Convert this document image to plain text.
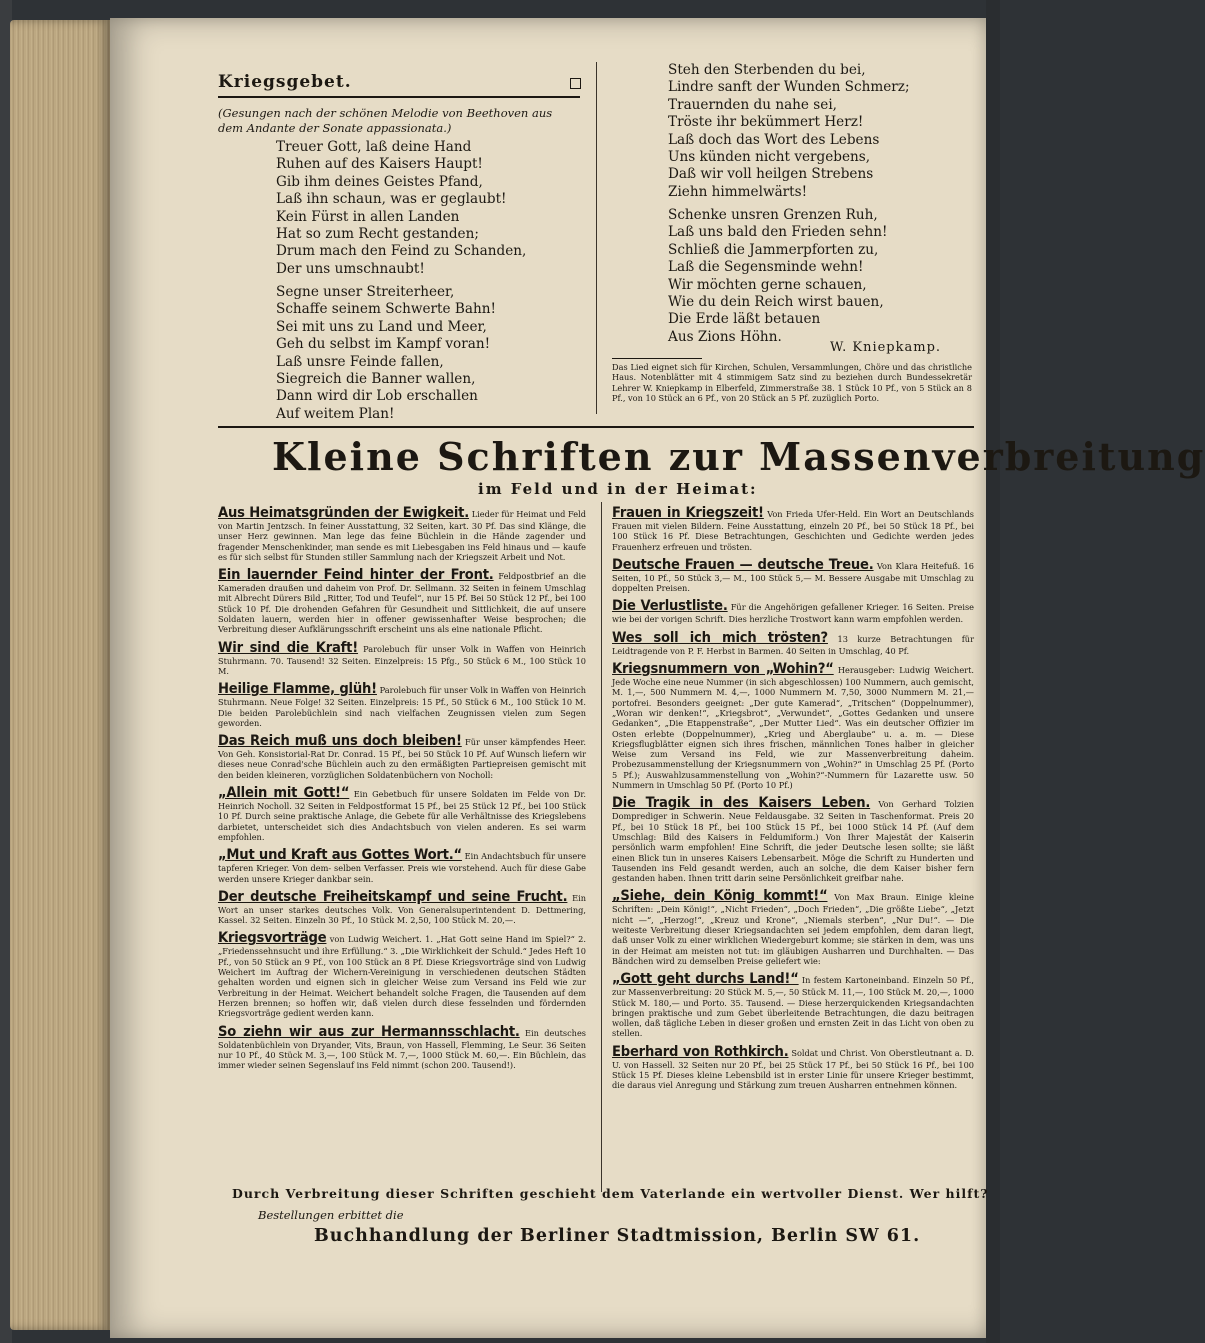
Kriegsgebet.
(Gesungen nach der schönen Melodie von Beethoven aus dem Andante der Sonate appassionata.)
Treuer Gott, laß deine Hand
Ruhen auf des Kaisers Haupt!
Gib ihm deines Geistes Pfand,
Laß ihn schaun, was er geglaubt!
Kein Fürst in allen Landen
Hat so zum Recht gestanden;
Drum mach den Feind zu Schanden,
Der uns umschnaubt!
Segne unser Streiterheer,
Schaffe seinem Schwerte Bahn!
Sei mit uns zu Land und Meer,
Geh du selbst im Kampf voran!
Laß unsre Feinde fallen,
Siegreich die Banner wallen,
Dann wird dir Lob erschallen
Auf weitem Plan!
Steh den Sterbenden du bei,
Lindre sanft der Wunden Schmerz;
Trauernden du nahe sei,
Tröste ihr bekümmert Herz!
Laß doch das Wort des Lebens
Uns künden nicht vergebens,
Daß wir voll heilgen Strebens
Ziehn himmelwärts!
Schenke unsren Grenzen Ruh,
Laß uns bald den Frieden sehn!
Schließ die Jammerpforten zu,
Laß die Segensminde wehn!
Wir möchten gerne schauen,
Wie du dein Reich wirst bauen,
Die Erde läßt betauen
Aus Zions Höhn.
W. Kniepkamp.
Das Lied eignet sich für Kirchen, Schulen, Versammlungen, Chöre und das christliche Haus. Notenblätter mit 4 stimmigem Satz sind zu beziehen durch Bundessekretär Lehrer W. Kniepkamp in Elberfeld, Zimmerstraße 38. 1 Stück 10 Pf., von 5 Stück an 8 Pf., von 10 Stück an 6 Pf., von 20 Stück an 5 Pf. zuzüglich Porto.
Kleine Schriften zur Massenverbreitung
im Feld und in der Heimat:
Aus Heimatsgründen der Ewigkeit. Lieder für Heimat und Feld von Martin Jentzsch. In feiner Ausstattung, 32 Seiten, kart. 30 Pf. Das sind Klänge, die unser Herz gewinnen. Man lege das feine Büchlein in die Hände zagender und fragender Menschenkinder, man sende es mit Liebesgaben ins Feld hinaus und — kaufe es für sich selbst für Stunden stiller Sammlung nach der Kriegszeit Arbeit und Not.
Ein lauernder Feind hinter der Front. Feldpostbrief an die Kameraden draußen und daheim von Prof. Dr. Sellmann. 32 Seiten in feinem Umschlag mit Albrecht Dürers Bild „Ritter, Tod und Teufel“, nur 15 Pf. Bei 50 Stück 12 Pf., bei 100 Stück 10 Pf. Die drohenden Gefahren für Gesundheit und Sittlichkeit, die auf unsere Soldaten lauern, werden hier in offener gewissenhafter Weise besprochen; die Verbreitung dieser Aufklärungsschrift erscheint uns als eine nationale Pflicht.
Wir sind die Kraft! Parolebuch für unser Volk in Waffen von Heinrich Stuhrmann. 70. Tausend! 32 Seiten. Einzelpreis: 15 Pfg., 50 Stück 6 M., 100 Stück 10 M.
Heilige Flamme, glüh! Parolebuch für unser Volk in Waffen von Heinrich Stuhrmann. Neue Folge! 32 Seiten. Einzelpreis: 15 Pf., 50 Stück 6 M., 100 Stück 10 M. Die beiden Parolebüchlein sind nach vielfachen Zeugnissen vielen zum Segen geworden.
Das Reich muß uns doch bleiben! Für unser kämpfendes Heer. Von Geh. Konsistorial-Rat Dr. Conrad. 15 Pf., bei 50 Stück 10 Pf. Auf Wunsch liefern wir dieses neue Conrad'sche Büchlein auch zu den ermäßigten Partiepreisen gemischt mit den beiden kleineren, vorzüglichen Soldatenbüchern von Nocholl:
„Allein mit Gott!“ Ein Gebetbuch für unsere Soldaten im Felde von Dr. Heinrich Nocholl. 32 Seiten in Feldpostformat 15 Pf., bei 25 Stück 12 Pf., bei 100 Stück 10 Pf. Durch seine praktische Anlage, die Gebete für alle Verhältnisse des Kriegslebens darbietet, unterscheidet sich dies Andachtsbuch von vielen anderen. Es sei warm empfohlen.
„Mut und Kraft aus Gottes Wort.“ Ein Andachtsbuch für unsere tapferen Krieger. Von dem- selben Verfasser. Preis wie vorstehend. Auch für diese Gabe werden unsere Krieger dankbar sein.
Der deutsche Freiheitskampf und seine Frucht. Ein Wort an unser starkes deutsches Volk. Von Generalsuperintendent D. Dettmering, Kassel. 32 Seiten. Einzeln 30 Pf., 10 Stück M. 2,50, 100 Stück M. 20,—.
Kriegsvorträge von Ludwig Weichert. 1. „Hat Gott seine Hand im Spiel?“ 2. „Friedenssehnsucht und ihre Erfüllung.“ 3. „Die Wirklichkeit der Schuld.“ Jedes Heft 10 Pf., von 50 Stück an 9 Pf., von 100 Stück an 8 Pf. Diese Kriegsvorträge sind von Ludwig Weichert im Auftrag der Wichern-Vereinigung in verschiedenen deutschen Städten gehalten worden und eignen sich in gleicher Weise zum Versand ins Feld wie zur Verbreitung in der Heimat. Weichert behandelt solche Fragen, die Tausenden auf dem Herzen brennen; so hoffen wir, daß vielen durch diese fesselnden und fördernden Kriegsvorträge gedient werden kann.
So ziehn wir aus zur Hermannsschlacht. Ein deutsches Soldatenbüchlein von Dryander, Vits, Braun, von Hassell, Flemming, Le Seur. 36 Seiten nur 10 Pf., 40 Stück M. 3,—, 100 Stück M. 7,—, 1000 Stück M. 60,—. Ein Büchlein, das immer wieder seinen Segenslauf ins Feld nimmt (schon 200. Tausend!).
Frauen in Kriegszeit! Von Frieda Ufer-Held. Ein Wort an Deutschlands Frauen mit vielen Bildern. Feine Ausstattung, einzeln 20 Pf., bei 50 Stück 18 Pf., bei 100 Stück 16 Pf. Diese Betrachtungen, Geschichten und Gedichte werden jedes Frauenherz erfreuen und trösten.
Deutsche Frauen — deutsche Treue. Von Klara Heitefuß. 16 Seiten, 10 Pf., 50 Stück 3,— M., 100 Stück 5,— M. Bessere Ausgabe mit Umschlag zu doppelten Preisen.
Die Verlustliste. Für die Angehörigen gefallener Krieger. 16 Seiten. Preise wie bei der vorigen Schrift. Dies herzliche Trostwort kann warm empfohlen werden.
Wes soll ich mich trösten? 13 kurze Betrachtungen für Leidtragende von P. F. Herbst in Barmen. 40 Seiten in Umschlag, 40 Pf.
Kriegsnummern von „Wohin?“ Herausgeber: Ludwig Weichert. Jede Woche eine neue Nummer (in sich abgeschlossen) 100 Nummern, auch gemischt, M. 1,—, 500 Nummern M. 4,—, 1000 Nummern M. 7,50, 3000 Nummern M. 21,— portofrei. Besonders geeignet: „Der gute Kamerad“, „Tritschen“ (Doppelnummer), „Woran wir denken!“, „Kriegsbrot“, „Verwundet“, „Gottes Gedanken und unsere Gedanken“, „Die Etappenstraße“, „Der Mutter Lied“. Was ein deutscher Offizier im Osten erlebte (Doppelnummer), „Krieg und Aberglaube“ u. a. m. — Diese Kriegsflugblätter eignen sich ihres frischen, männlichen Tones halber in gleicher Weise zum Versand ins Feld, wie zur Massenverbreitung daheim. Probezusammenstellung der Kriegsnummern von „Wohin?“ in Umschlag 25 Pf. (Porto 5 Pf.); Auswahlzusammenstellung von „Wohin?“-Nummern für Lazarette usw. 50 Nummern in Umschlag 50 Pf. (Porto 10 Pf.)
Die Tragik in des Kaisers Leben. Von Gerhard Tolzien Domprediger in Schwerin. Neue Feldausgabe. 32 Seiten in Taschenformat. Preis 20 Pf., bei 10 Stück 18 Pf., bei 100 Stück 15 Pf., bei 1000 Stück 14 Pf. (Auf dem Umschlag: Bild des Kaisers in Feldumiform.) Von Ihrer Majestät der Kaiserin persönlich warm empfohlen! Eine Schrift, die jeder Deutsche lesen sollte; sie läßt einen Blick tun in unseres Kaisers Lebensarbeit. Möge die Schrift zu Hunderten und Tausenden ins Feld gesandt werden, auch an solche, die dem Kaiser bisher fern gestanden haben. Ihnen tritt darin seine Persönlichkeit greifbar nahe.
„Siehe, dein König kommt!“ Von Max Braun. Einige kleine Schriften: „Dein König!“, „Nicht Frieden“, „Doch Frieden“, „Die größte Liebe“, „Jetzt nicht —“, „Herzog!“, „Kreuz und Krone“, „Niemals sterben“, „Nur Du!“. — Die weiteste Verbreitung dieser Kriegsandachten sei jedem empfohlen, dem daran liegt, daß unser Volk zu einer wirklichen Wiedergeburt komme; sie stärken in dem, was uns in der Heimat am meisten not tut: im gläubigen Ausharren und Durchhalten. — Das Bändchen wird zu demselben Preise geliefert wie:
„Gott geht durchs Land!“ In festem Kartoneinband. Einzeln 50 Pf., zur Massenverbreitung: 20 Stück M. 5,—, 50 Stück M. 11,—, 100 Stück M. 20,—, 1000 Stück M. 180,— und Porto. 35. Tausend. — Diese herzerquickenden Kriegsandachten bringen praktische und zum Gebet überleitende Betrachtungen, die dazu beitragen wollen, daß tägliche Leben in dieser großen und ernsten Zeit in das Licht von oben zu stellen.
Eberhard von Rothkirch. Soldat und Christ. Von Oberstleutnant a. D. U. von Hassell. 32 Seiten nur 20 Pf., bei 25 Stück 17 Pf., bei 50 Stück 16 Pf., bei 100 Stück 15 Pf. Dieses kleine Lebensbild ist in erster Linie für unsere Krieger bestimmt, die daraus viel Anregung und Stärkung zum treuen Ausharren entnehmen können.
Durch Verbreitung dieser Schriften geschieht dem Vaterlande ein wertvoller Dienst. Wer hilft?
Bestellungen erbittet die
Buchhandlung der Berliner Stadtmission, Berlin SW 61.
